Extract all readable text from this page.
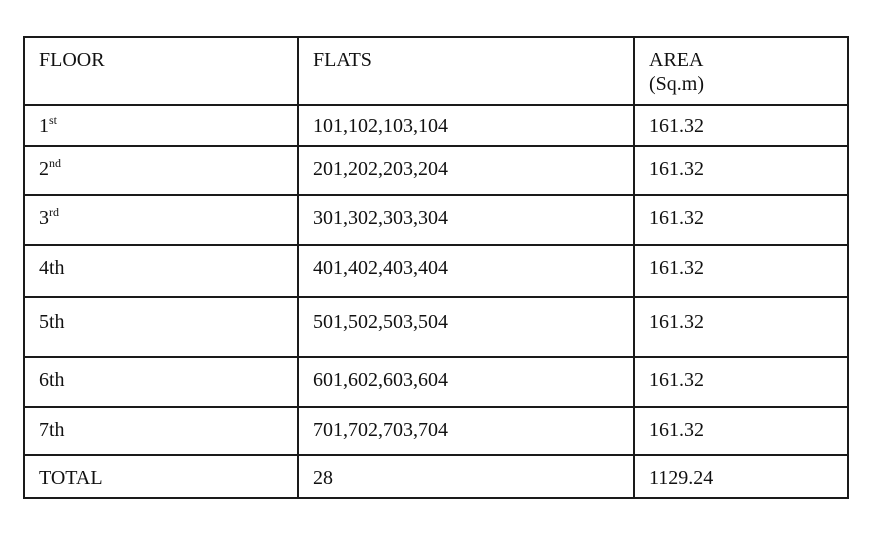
FLOOR	FLATS	AREA
(Sq.m)

1st	101,102,103,104	161.32
2nd	201,202,203,204	161.32
3rd	301,302,303,304	161.32
4th	401,402,403,404	161.32
5th	501,502,503,504	161.32
6th	601,602,603,604	161.32
7th	701,702,703,704	161.32
TOTAL	28	1129.24
